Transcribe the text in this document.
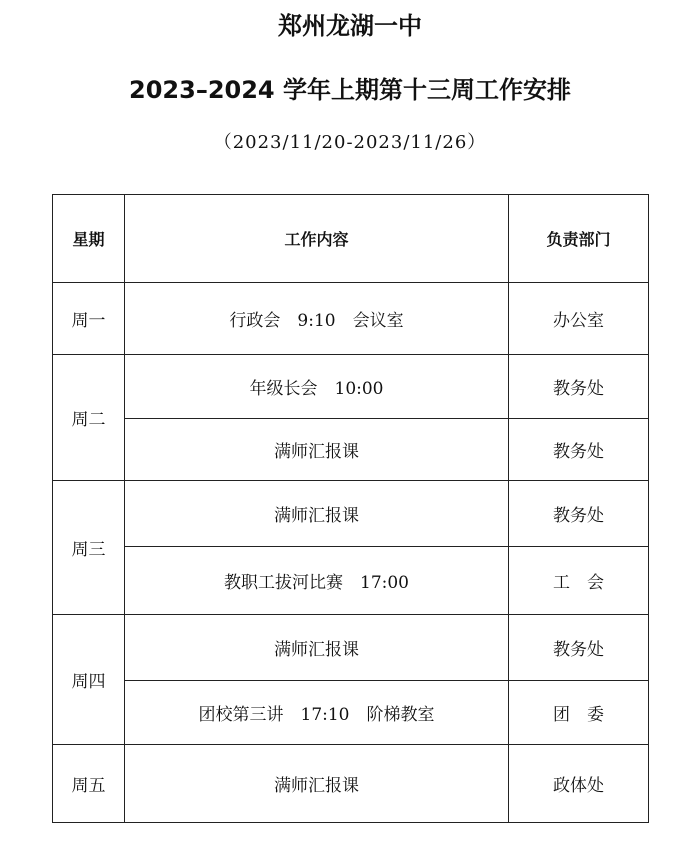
郑州龙湖一中
2023–2024 学年上期第十三周工作安排
（2023/11/20-2023/11/26）
星期	工作内容	负责部门
周一	行政会　9:10　会议室	办公室
周二	年级长会　10:00	教务处
	满师汇报课	教务处
周三	满师汇报课	教务处
	教职工拔河比赛　17:00	工　会
周四	满师汇报课	教务处
	团校第三讲　17:10　阶梯教室	团　委
周五	满师汇报课	政体处
